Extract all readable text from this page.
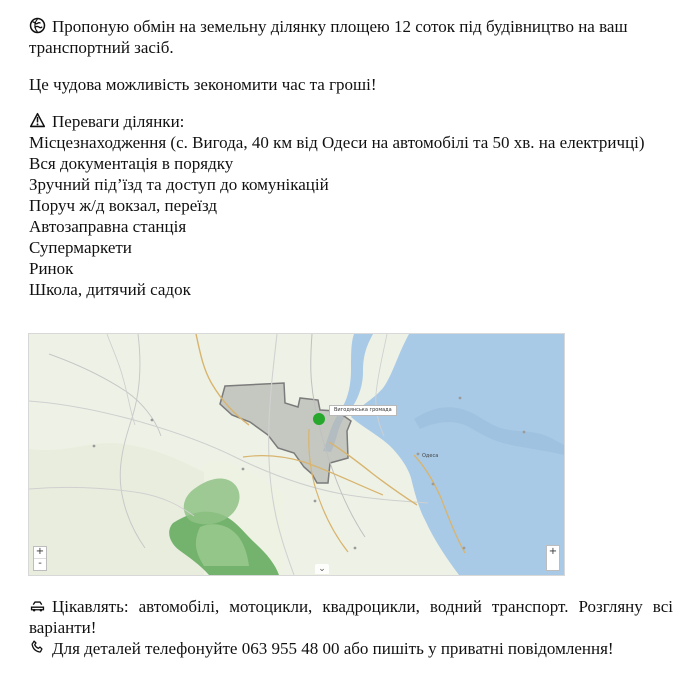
Пропоную обмін на земельну ділянку площею 12 соток під будівництво на ваш транспортний засіб.

Це чудова можливість зекономити час та гроші!

Переваги ділянки:

Місцезнаходження (с. Вигода, 40 км від Одеси на автомобілі та 50 хв. на електричці)

Вся документація в порядку

Зручний під’їзд та доступ до комунікацій

Поруч ж/д вокзал, переїзд

Автозаправна станція

Супермаркети

Ринок

Школа, дитячий садок

Одеса
Вигодянська громада
+
-	⌄
+

Цікавлять: автомобілі, мотоцикли, квадроцикли, водний транспорт. Розгляну всі варіанти!

Для деталей телефонуйте 063 955 48 00 або пишіть у приватні повідомлення!
